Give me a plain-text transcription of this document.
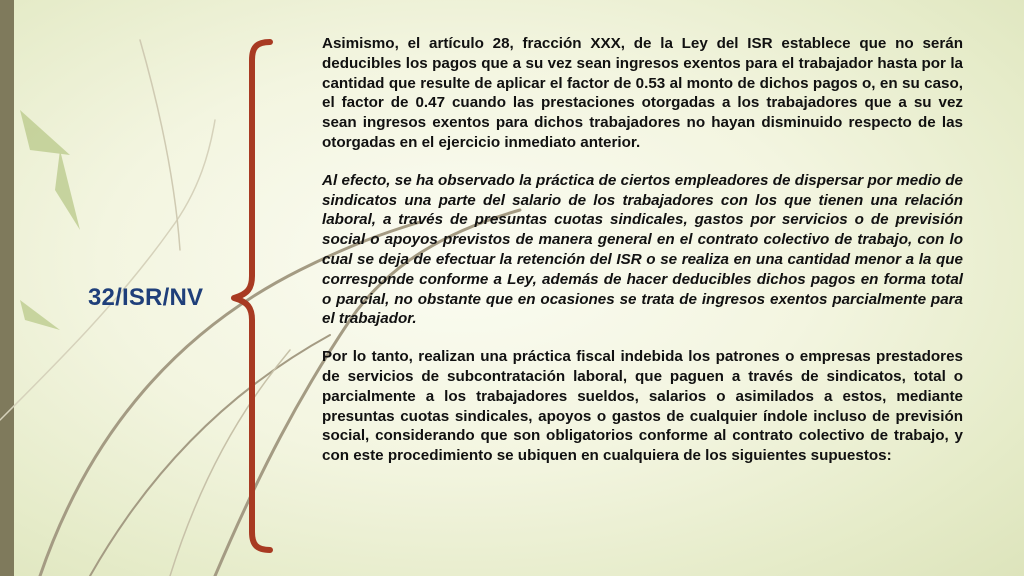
32/ISR/NV

Asimismo, el artículo 28, fracción XXX, de la Ley del ISR establece que no serán deducibles los pagos que a su vez sean ingresos exentos para el trabajador hasta por la cantidad que resulte de aplicar el factor de 0.53 al monto de dichos pagos o, en su caso, el factor de 0.47 cuando las prestaciones otorgadas a los trabajadores que a su vez sean ingresos exentos para dichos trabajadores no hayan disminuido respecto de las otorgadas en el ejercicio inmediato anterior.

Al efecto, se ha observado la práctica de ciertos empleadores de dispersar por medio de sindicatos una parte del salario de los trabajadores con los que tienen una relación laboral, a través de presuntas cuotas sindicales, gastos por servicios o de previsión social o apoyos previstos de manera general en el contrato colectivo de trabajo, con lo cual se deja de efectuar la retención del ISR o se realiza en una cantidad menor a la que corresponde conforme a Ley, además de hacer deducibles dichos pagos en forma total o parcial, no obstante que en ocasiones se trata de ingresos exentos parcialmente para el trabajador.

Por lo tanto, realizan una práctica fiscal indebida los patrones o empresas prestadores de servicios de subcontratación laboral, que paguen a través de sindicatos, total o parcialmente a los trabajadores sueldos, salarios o asimilados a estos, mediante presuntas cuotas sindicales, apoyos o gastos de cualquier índole incluso de previsión social, considerando que son obligatorios conforme al contrato colectivo de trabajo, y con este procedimiento se ubiquen en cualquiera de los siguientes supuestos:
